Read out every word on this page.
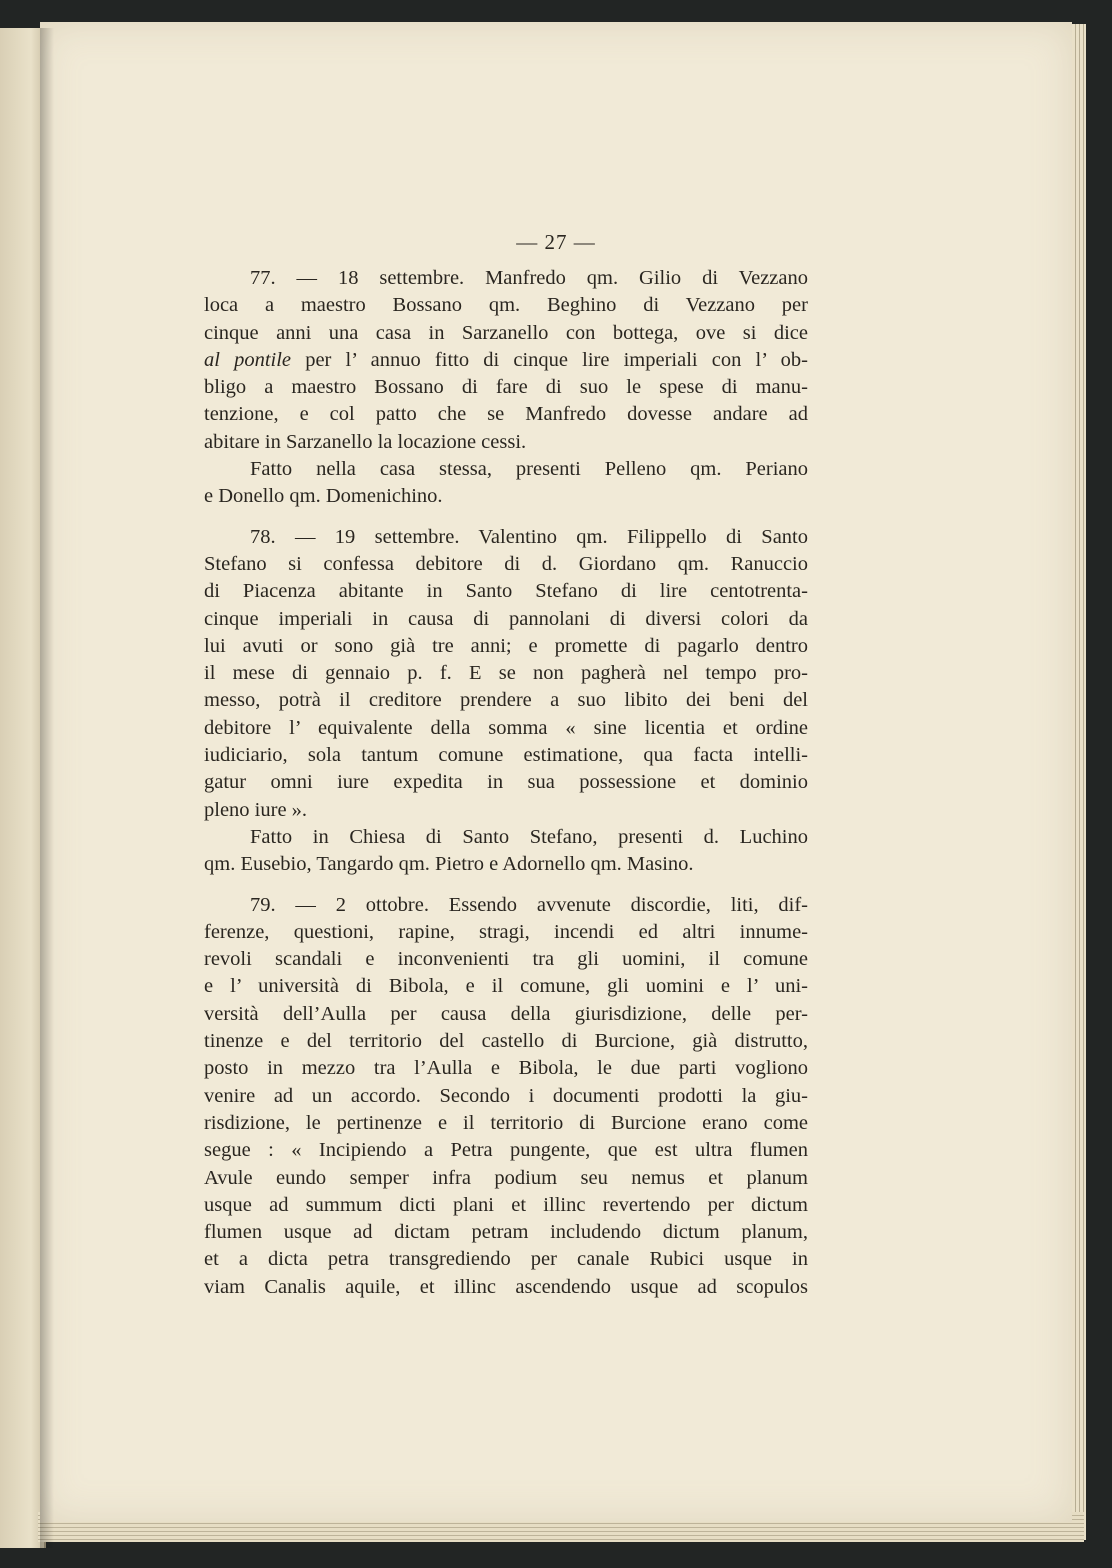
— 27 —
77. — 18 settembre. Manfredo qm. Gilio di Vezzano
loca a maestro Bossano qm. Beghino di Vezzano per
cinque anni una casa in Sarzanello con bottega, ove si dice
al pontile per l’ annuo fitto di cinque lire imperiali con l’ ob-
bligo a maestro Bossano di fare di suo le spese di manu-
tenzione, e col patto che se Manfredo dovesse andare ad
abitare in Sarzanello la locazione cessi.
Fatto nella casa stessa, presenti Pelleno qm. Periano
e Donello qm. Domenichino.
78. — 19 settembre. Valentino qm. Filippello di Santo
Stefano si confessa debitore di d. Giordano qm. Ranuccio
di Piacenza abitante in Santo Stefano di lire centotrenta-
cinque imperiali in causa di pannolani di diversi colori da
lui avuti or sono già tre anni; e promette di pagarlo dentro
il mese di gennaio p. f. E se non pagherà nel tempo pro-
messo, potrà il creditore prendere a suo libito dei beni del
debitore l’ equivalente della somma « sine licentia et ordine
iudiciario, sola tantum comune estimatione, qua facta intelli-
gatur omni iure expedita in sua possessione et dominio
pleno iure ».
Fatto in Chiesa di Santo Stefano, presenti d. Luchino
qm. Eusebio, Tangardo qm. Pietro e Adornello qm. Masino.
79. — 2 ottobre. Essendo avvenute discordie, liti, dif-
ferenze, questioni, rapine, stragi, incendi ed altri innume-
revoli scandali e inconvenienti tra gli uomini, il comune
e l’ università di Bibola, e il comune, gli uomini e l’ uni-
versità dell’Aulla per causa della giurisdizione, delle per-
tinenze e del territorio del castello di Burcione, già distrutto,
posto in mezzo tra l’Aulla e Bibola, le due parti vogliono
venire ad un accordo. Secondo i documenti prodotti la giu-
risdizione, le pertinenze e il territorio di Burcione erano come
segue : « Incipiendo a Petra pungente, que est ultra flumen
Avule eundo semper infra podium seu nemus et planum
usque ad summum dicti plani et illinc revertendo per dictum
flumen usque ad dictam petram includendo dictum planum,
et a dicta petra transgrediendo per canale Rubici usque in
viam Canalis aquile, et illinc ascendendo usque ad scopulos
